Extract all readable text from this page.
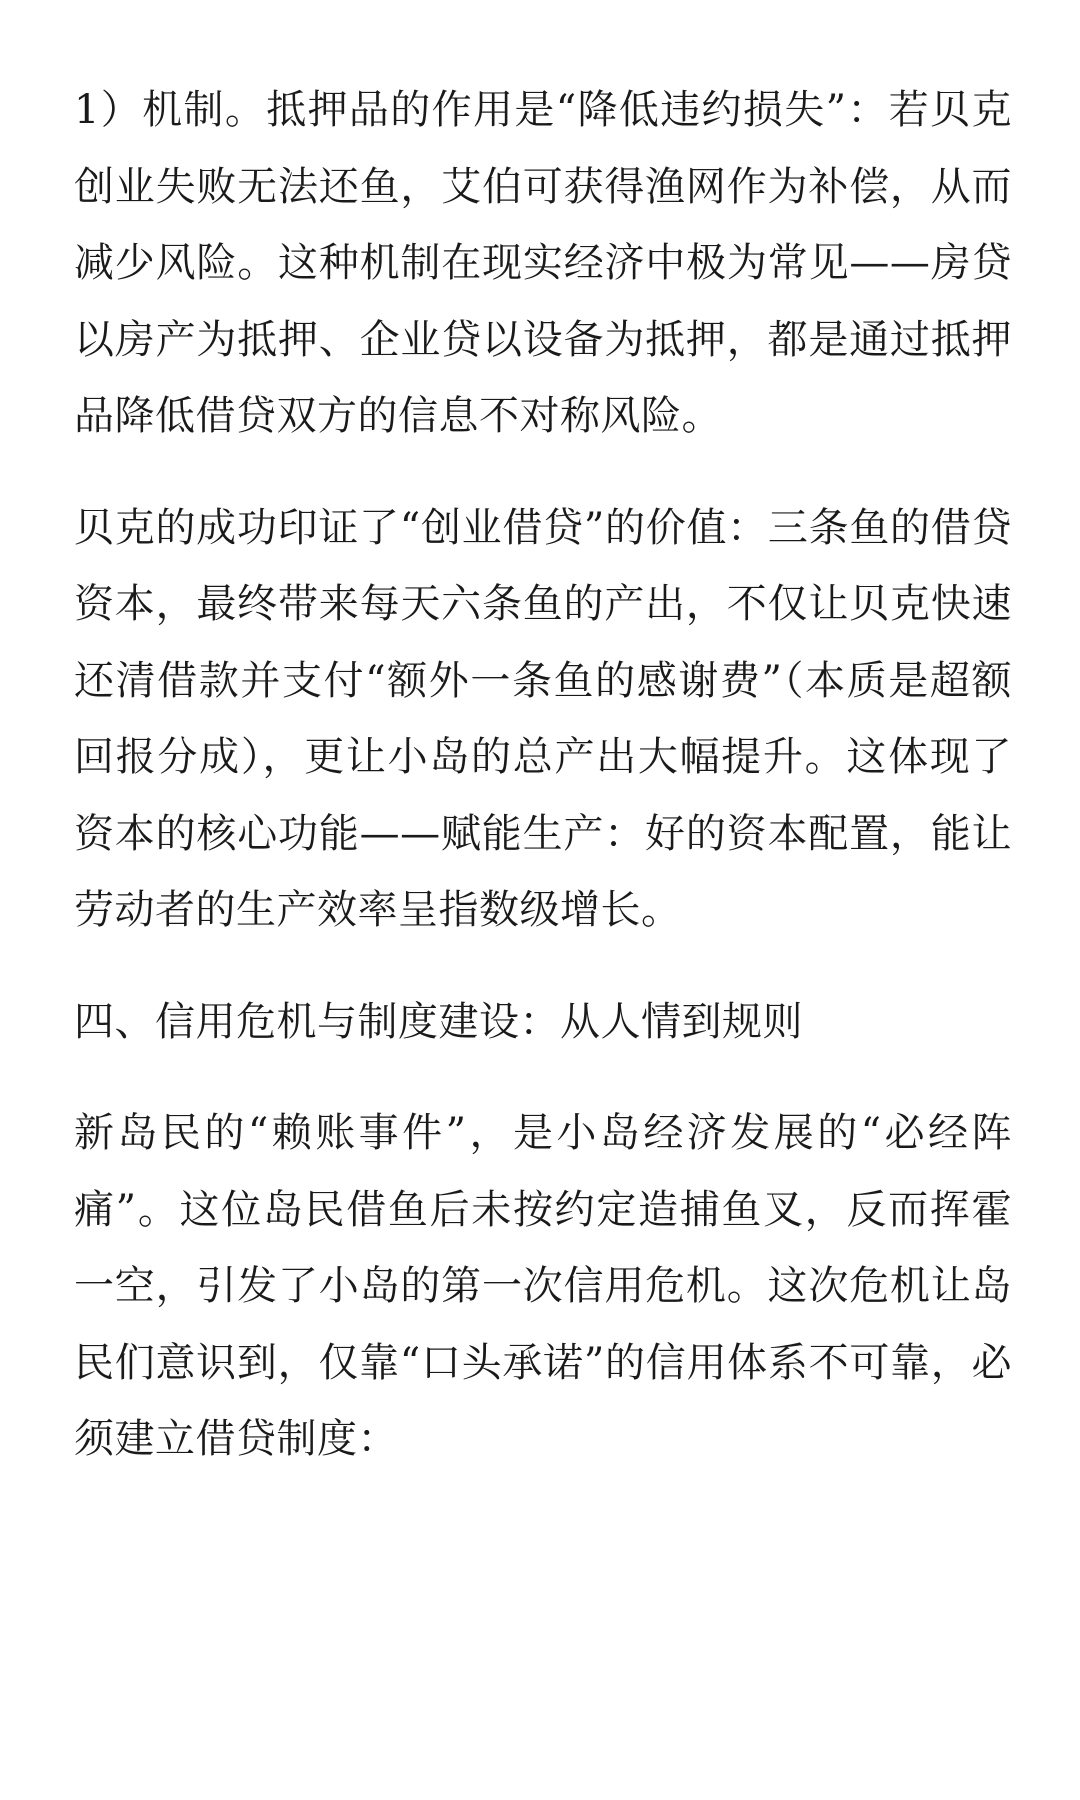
1）机制。抵押品的作用是“降低违约损失”：若贝克创业失败无法还鱼，艾伯可获得渔网作为补偿，从而减少风险。这种机制在现实经济中极为常见——房贷以房产为抵押、企业贷以设备为抵押，都是通过抵押品降低借贷双方的信息不对称风险。

贝克的成功印证了“创业借贷”的价值：三条鱼的借贷资本，最终带来每天六条鱼的产出，不仅让贝克快速还清借款并支付“额外一条鱼的感谢费”（本质是超额回报分成），更让小岛的总产出大幅提升。这体现了资本的核心功能——赋能生产：好的资本配置，能让劳动者的生产效率呈指数级增长。

四、信用危机与制度建设：从人情到规则

新岛民的“赖账事件”，是小岛经济发展的“必经阵痛”。这位岛民借鱼后未按约定造捕鱼叉，反而挥霍一空，引发了小岛的第一次信用危机。这次危机让岛民们意识到，仅靠“口头承诺”的信用体系不可靠，必须建立借贷制度：
